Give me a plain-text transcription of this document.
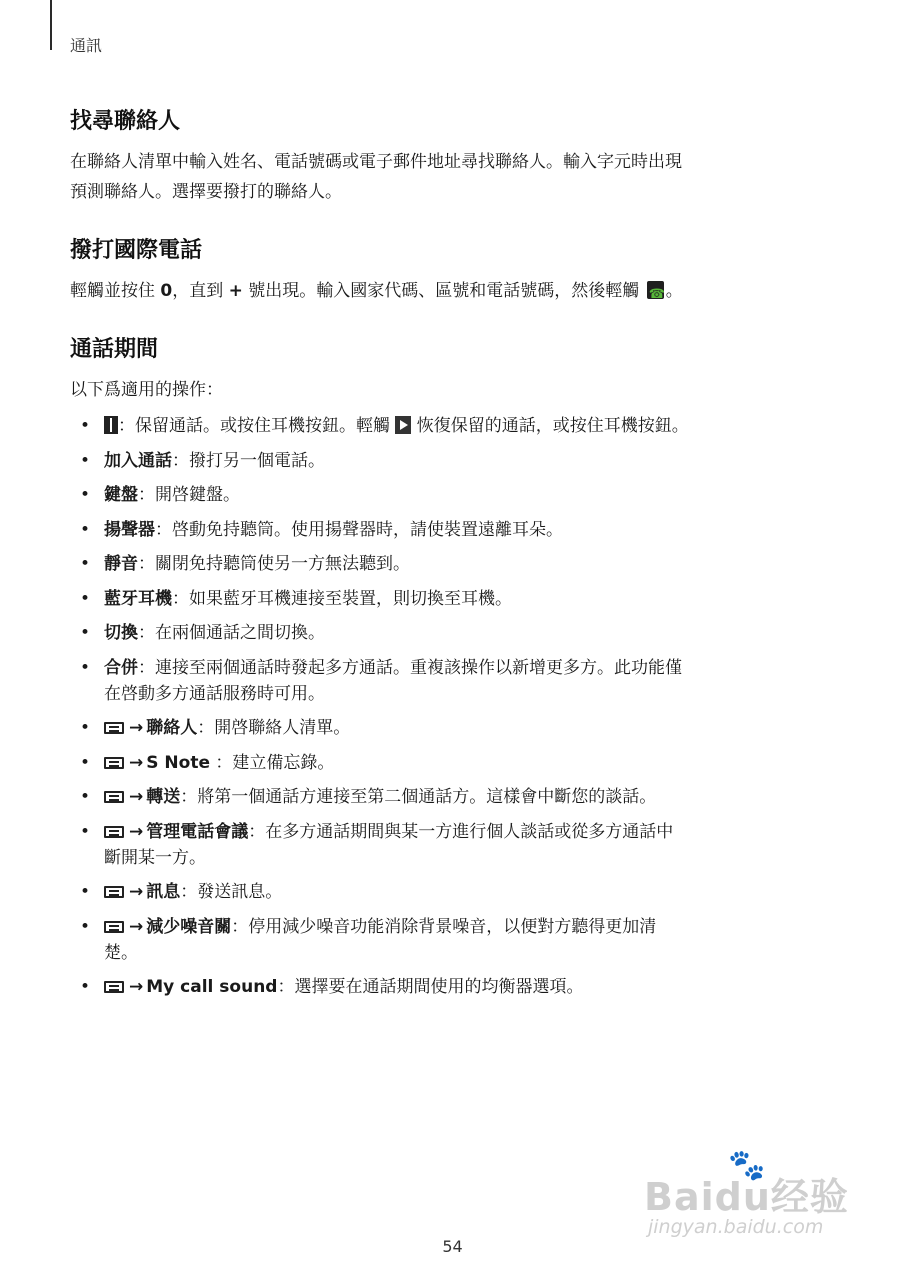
通訊
找尋聯絡人

在聯絡人清單中輸入姓名、電話號碼或電子郵件地址尋找聯絡人。輸入字元時出現
預測聯絡人。選擇要撥打的聯絡人。

撥打國際電話

輕觸並按住 0，直到 + 號出現。輸入國家代碼、區號和電話號碼，然後輕觸 ☎。

通話期間

以下爲適用的操作：

• ：保留通話。或按住耳機按鈕。輕觸  恢復保留的通話，或按住耳機按鈕。
• 加入通話：撥打另一個電話。
• 鍵盤：開啓鍵盤。
• 揚聲器：啓動免持聽筒。使用揚聲器時，請使裝置遠離耳朵。
• 靜音：關閉免持聽筒使另一方無法聽到。
• 藍牙耳機：如果藍牙耳機連接至裝置，則切換至耳機。
• 切換：在兩個通話之間切換。
• 合併：連接至兩個通話時發起多方通話。重複該操作以新增更多方。此功能僅
在啓動多方通話服務時可用。
• → 聯絡人：開啓聯絡人清單。
• → S Note ：建立備忘錄。
• → 轉送：將第一個通話方連接至第二個通話方。這樣會中斷您的談話。
• → 管理電話會議：在多方通話期間與某一方進行個人談話或從多方通話中
斷開某一方。
• → 訊息：發送訊息。
• → 減少噪音關：停用減少噪音功能消除背景噪音，以便對方聽得更加清
楚。
• → My call sound：選擇要在通話期間使用的均衡器選項。
🐾
Baidu经验
jingyan.baidu.com
54
